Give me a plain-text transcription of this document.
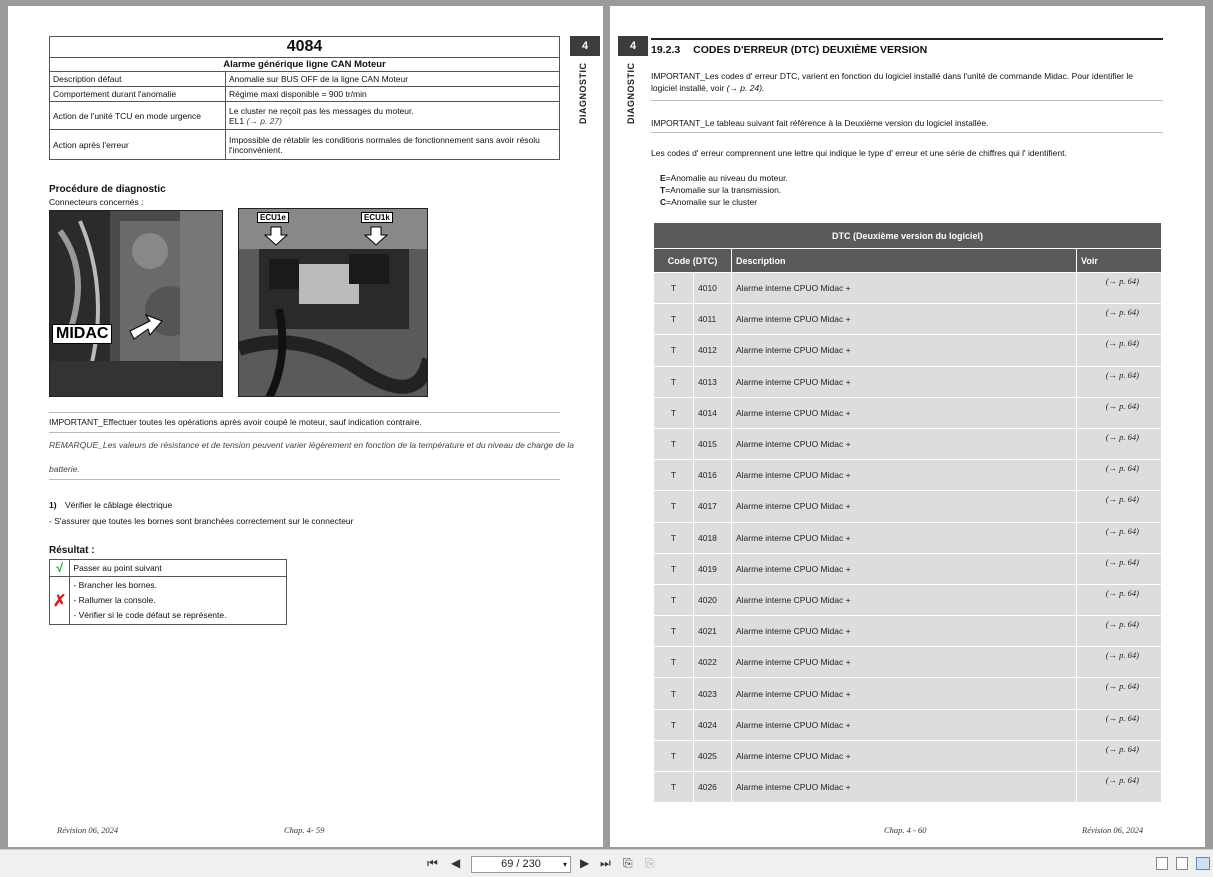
4
DIAGNOSTIC
4084	
Alarme générique ligne CAN Moteur	
Description défaut	Anomalie sur BUS OFF de la ligne CAN Moteur
Comportement durant l'anomalie	Régime maxi disponible = 900 tr/min
Action de l'unité TCU en mode urgence	Le cluster ne reçoit pas les messages du moteur.
EL1 (→ p. 27)

Action après l'erreur	Impossible de rétablir les conditions normales de fonctionnement sans avoir résolu l'inconvénient.
Procédure de diagnostic
Connecteurs concernés :
MIDAC
ECU1e	ECU1k
IMPORTANT_Effectuer toutes les opérations après avoir coupé le moteur, sauf indication contraire.
REMARQUE_Les valeurs de résistance et de tension peuvent varier légèrement en fonction de la température et du niveau de charge de la
batterie.
1) Vérifier le câblage électrique
- S'assurer que toutes les bornes sont branchées correctement sur le connecteur
Résultat :
√	Passer au point suivant
✗	- Brancher les bornes.
- Rallumer la console.
- Vérifier si le code défaut se représente.
Révision 06, 2024	Chap. 4- 59
4
DIAGNOSTIC
19.2.3 CODES D'ERREUR (DTC) DEUXIÈME VERSION
IMPORTANT_Les codes d' erreur DTC, varient en fonction du logiciel installé dans l'unité de commande Midac. Pour identifier le
logiciel installé, voir (→ p. 24).
IMPORTANT_Le tableau suivant fait référence à la Deuxième version du logiciel installée.
Les codes d' erreur comprennent une lettre qui indique le type d' erreur et une série de chiffres qui l' identifient.
E=Anomalie au niveau du moteur.
T=Anomalie sur la transmission.
C=Anomalie sur le cluster
DTC (Deuxième version du logiciel)			
Code (DTC)		Description	Voir
T	4010	Alarme interne CPUO Midac +	(→ p. 64)
T	4011	Alarme interne CPUO Midac +	(→ p. 64)
T	4012	Alarme interne CPUO Midac +	(→ p. 64)
T	4013	Alarme interne CPUO Midac +	(→ p. 64)
T	4014	Alarme interne CPUO Midac +	(→ p. 64)
T	4015	Alarme interne CPUO Midac +	(→ p. 64)
T	4016	Alarme interne CPUO Midac +	(→ p. 64)
T	4017	Alarme interne CPUO Midac +	(→ p. 64)
T	4018	Alarme interne CPUO Midac +	(→ p. 64)
T	4019	Alarme interne CPUO Midac +	(→ p. 64)
T	4020	Alarme interne CPUO Midac +	(→ p. 64)
T	4021	Alarme interne CPUO Midac +	(→ p. 64)
T	4022	Alarme interne CPUO Midac +	(→ p. 64)
T	4023	Alarme interne CPUO Midac +	(→ p. 64)
T	4024	Alarme interne CPUO Midac +	(→ p. 64)
T	4025	Alarme interne CPUO Midac +	(→ p. 64)
T	4026	Alarme interne CPUO Midac +	(→ p. 64)
Chap. 4 - 60	Révision 06, 2024
⏮ ◀	69 / 230	▾ ▶ ⏭ ⎘ ⎘
